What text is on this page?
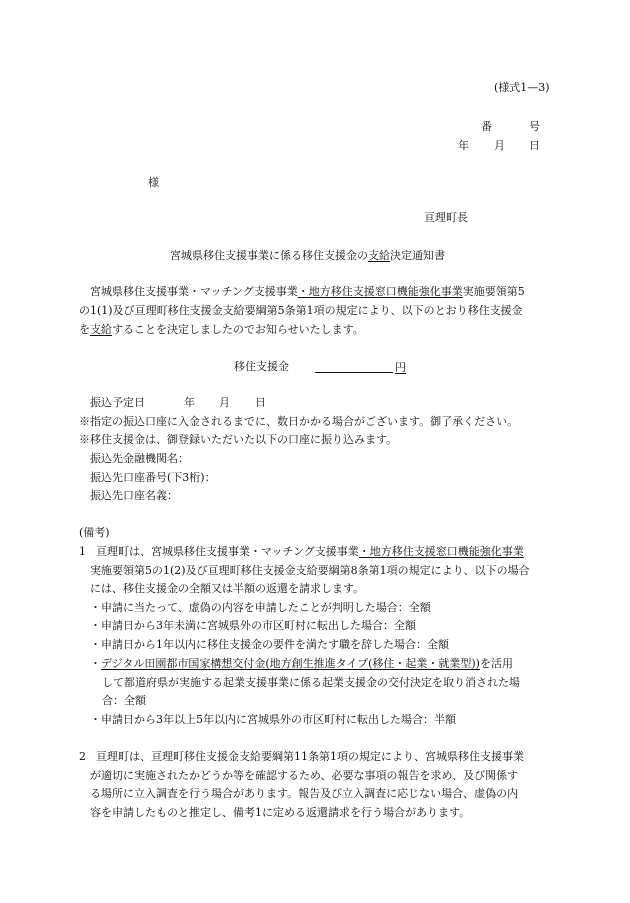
(様式1—3)
番	号
年 月 日
様
亘理町長
宮城県移住支援事業に係る移住支援金の支給決定通知書
宮城県移住支援事業・マッチング支援事業・地方移住支援窓口機能強化事業実施要領第5
の1(1)及び亘理町移住支援金支給要綱第5条第1項の規定により、以下のとおり移住支援金
を支給することを決定しましたのでお知らせいたします。
移住支援金	円
振込予定日	年 月 日
※指定の振込口座に入金されるまでに、数日かかる場合がございます。御了承ください。
※移住支援金は、御登録いただいた以下の口座に振り込みます。
振込先金融機関名：
振込先口座番号(下3桁)：
振込先口座名義：
(備考)
1 亘理町は、宮城県移住支援事業・マッチング支援事業・地方移住支援窓口機能強化事業
実施要領第5の1(2)及び亘理町移住支援金支給要綱第8条第1項の規定により、以下の場合
には、移住支援金の全額又は半額の返還を請求します。
・申請に当たって、虚偽の内容を申請したことが判明した場合：全額
・申請日から3年未満に宮城県外の市区町村に転出した場合：全額
・申請日から1年以内に移住支援金の要件を満たす職を辞した場合：全額
・デジタル田園都市国家構想交付金(地方創生推進タイプ(移住・起業・就業型))を活用
して都道府県が実施する起業支援事業に係る起業支援金の交付決定を取り消された場
合：全額
・申請日から3年以上5年以内に宮城県外の市区町村に転出した場合：半額
2 亘理町は、亘理町移住支援金支給要綱第11条第1項の規定により、宮城県移住支援事業
が適切に実施されたかどうか等を確認するため、必要な事項の報告を求め、及び関係す
る場所に立入調査を行う場合があります。報告及び立入調査に応じない場合、虚偽の内
容を申請したものと推定し、備考1に定める返還請求を行う場合があります。
